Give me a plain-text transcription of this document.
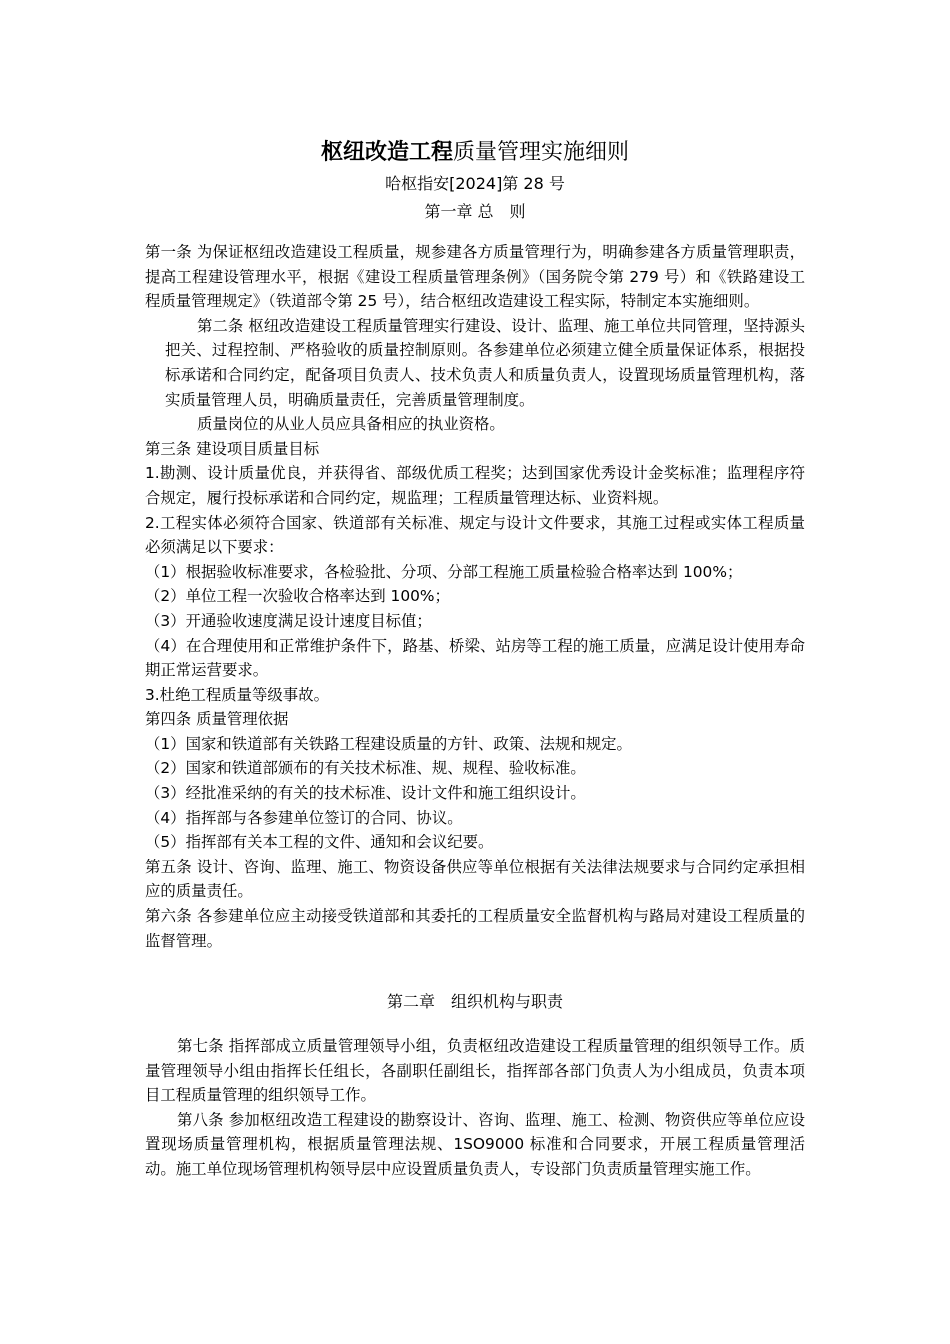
枢纽改造工程质量管理实施细则
哈枢指安[2024]第 28 号
第一章 总　则

第一条 为保证枢纽改造建设工程质量，规参建各方质量管理行为，明确参建各方质量管理职责，提高工程建设管理水平，根据《建设工程质量管理条例》（国务院令第 279 号）和《铁路建设工程质量管理规定》（铁道部令第 25 号），结合枢纽改造建设工程实际，特制定本实施细则。

第二条 枢纽改造建设工程质量管理实行建设、设计、监理、施工单位共同管理，坚持源头把关、过程控制、严格验收的质量控制原则。各参建单位必须建立健全质量保证体系，根据投标承诺和合同约定，配备项目负责人、技术负责人和质量负责人，设置现场质量管理机构，落实质量管理人员，明确质量责任，完善质量管理制度。

质量岗位的从业人员应具备相应的执业资格。

第三条 建设项目质量目标

1.勘测、设计质量优良，并获得省、部级优质工程奖；达到国家优秀设计金奖标准；监理程序符合规定，履行投标承诺和合同约定，规监理；工程质量管理达标、业资料规。

2.工程实体必须符合国家、铁道部有关标准、规定与设计文件要求，其施工过程或实体工程质量必须满足以下要求：

（1）根据验收标准要求，各检验批、分项、分部工程施工质量检验合格率达到 100%；

（2）单位工程一次验收合格率达到 100%；

（3）开通验收速度满足设计速度目标值；

（4）在合理使用和正常维护条件下，路基、桥梁、站房等工程的施工质量，应满足设计使用寿命期正常运营要求。

3.杜绝工程质量等级事故。

第四条 质量管理依据

（1）国家和铁道部有关铁路工程建设质量的方针、政策、法规和规定。

（2）国家和铁道部颁布的有关技术标准、规、规程、验收标准。

（3）经批准采纳的有关的技术标准、设计文件和施工组织设计。

（4）指挥部与各参建单位签订的合同、协议。

（5）指挥部有关本工程的文件、通知和会议纪要。

第五条 设计、咨询、监理、施工、物资设备供应等单位根据有关法律法规要求与合同约定承担相应的质量责任。

第六条 各参建单位应主动接受铁道部和其委托的工程质量安全监督机构与路局对建设工程质量的监督管理。

第二章　组织机构与职责

第七条 指挥部成立质量管理领导小组，负责枢纽改造建设工程质量管理的组织领导工作。质量管理领导小组由指挥长任组长，各副职任副组长，指挥部各部门负责人为小组成员，负责本项目工程质量管理的组织领导工作。

第八条 参加枢纽改造工程建设的勘察设计、咨询、监理、施工、检测、物资供应等单位应设置现场质量管理机构，根据质量管理法规、1SO9000 标准和合同要求，开展工程质量管理活动。施工单位现场管理机构领导层中应设置质量负责人，专设部门负责质量管理实施工作。
